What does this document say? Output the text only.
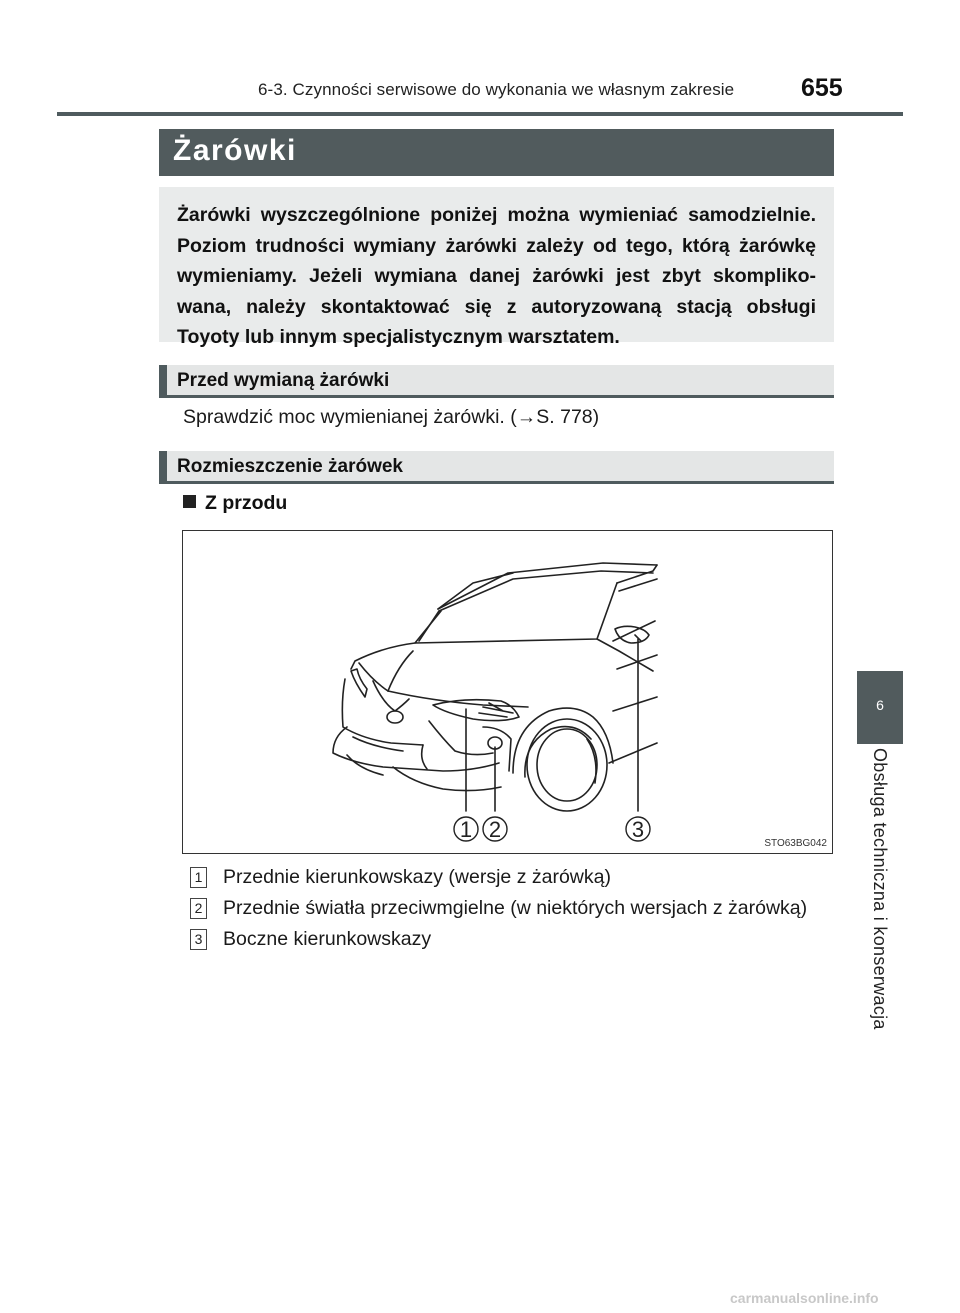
6-3. Czynności serwisowe do wykonania we własnym zakresie	655
Żarówki
Żarówki wyszczególnione poniżej można wymieniać samodzielnie. Poziom trudności wymiany żarówki zależy od tego, którą żarówkę wymieniamy. Jeżeli wymiana danej żarówki jest zbyt skompliko-wana, należy skontaktować się z autoryzowaną stacją obsługi Toyoty lub innym specjalistycznym warsztatem.
Przed wymianą żarówki
Sprawdzić moc wymienianej żarówki. (→S. 778)
Rozmieszczenie żarówek
Z przodu
1 2	3
STO63BG042
1 Przednie kierunkowskazy (wersje z żarówką)
2 Przednie światła przeciwmgielne (w niektórych wersjach z żarówką)
3 Boczne kierunkowskazy
6
Obsługa techniczna i konserwacja
carmanualsonline.info
